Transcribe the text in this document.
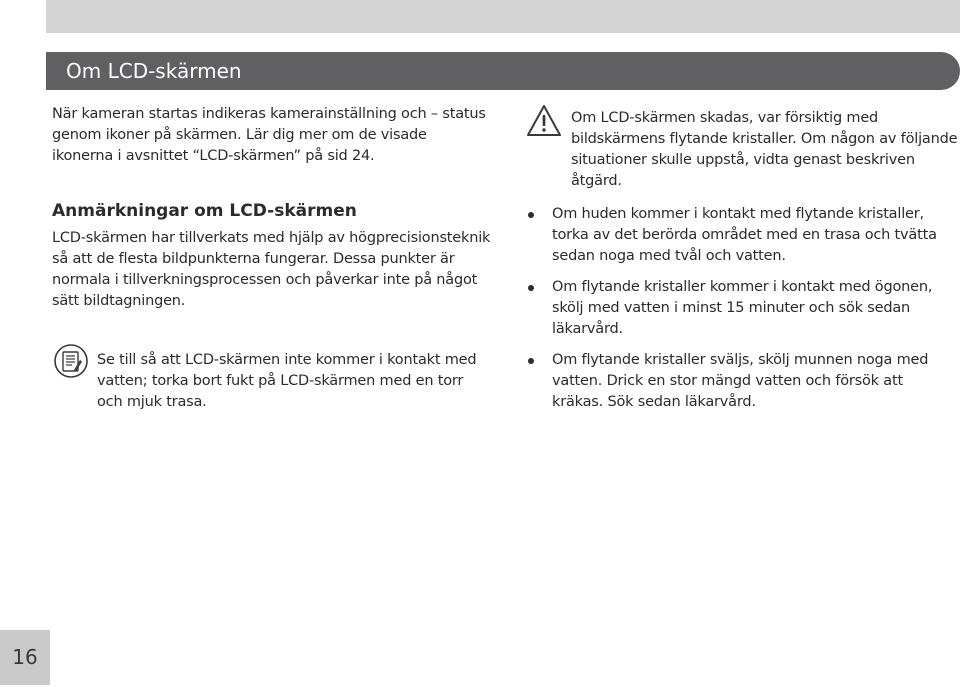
Om LCD-skärmen

När kameran startas indikeras kamerainställning och – status genom ikoner på skärmen. Lär dig mer om de visade ikonerna i avsnittet “LCD-skärmen” på sid 24.

Anmärkningar om LCD-skärmen

LCD-skärmen har tillverkats med hjälp av högprecisionsteknik så att de flesta bildpunkterna fungerar. Dessa punkter är normala i tillverkningsprocessen och påverkar inte på något sätt bildtagningen.

Se till så att LCD-skärmen inte kommer i kontakt med vatten; torka bort fukt på LCD-skärmen med en torr och mjuk trasa.

Om LCD-skärmen skadas, var försiktig med bildskärmens flytande kristaller. Om någon av följande situationer skulle uppstå, vidta genast beskriven åtgärd.

Om huden kommer i kontakt med flytande kristaller, torka av det berörda området med en trasa och tvätta sedan noga med tvål och vatten.

Om flytande kristaller kommer i kontakt med ögonen, skölj med vatten i minst 15 minuter och sök sedan läkarvård.

Om flytande kristaller sväljs, skölj munnen noga med vatten. Drick en stor mängd vatten och försök att kräkas. Sök sedan läkarvård.

16
